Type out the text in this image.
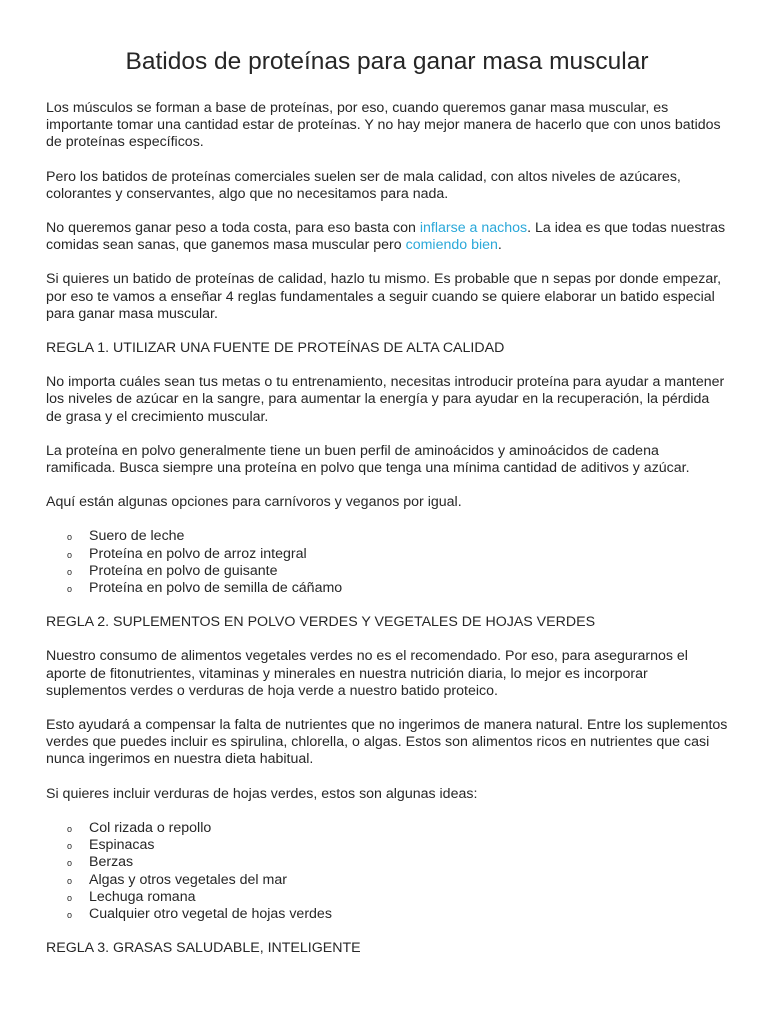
Batidos de proteínas para ganar masa muscular

Los músculos se forman a base de proteínas, por eso, cuando queremos ganar masa muscular, es importante tomar una cantidad estar de proteínas. Y no hay mejor manera de hacerlo que con unos batidos de proteínas específicos.

Pero los batidos de proteínas comerciales suelen ser de mala calidad, con altos niveles de azúcares, colorantes y conservantes, algo que no necesitamos para nada.

No queremos ganar peso a toda costa, para eso basta con inflarse a nachos. La idea es que todas nuestras comidas sean sanas, que ganemos masa muscular pero comiendo bien.

Si quieres un batido de proteínas de calidad, hazlo tu mismo. Es probable que n sepas por donde empezar, por eso te vamos a enseñar 4 reglas fundamentales a seguir cuando se quiere elaborar un batido especial para ganar masa muscular.

REGLA 1. UTILIZAR UNA FUENTE DE PROTEÍNAS DE ALTA CALIDAD

No importa cuáles sean tus metas o tu entrenamiento, necesitas introducir proteína para ayudar a mantener los niveles de azúcar en la sangre, para aumentar la energía y para ayudar en la recuperación, la pérdida de grasa y el crecimiento muscular.

La proteína en polvo generalmente tiene un buen perfil de aminoácidos y aminoácidos de cadena ramificada. Busca siempre una proteína en polvo que tenga una mínima cantidad de aditivos y azúcar.

Aquí están algunas opciones para carnívoros y veganos por igual.

o Suero de leche
o Proteína en polvo de arroz integral
o Proteína en polvo de guisante
o Proteína en polvo de semilla de cáñamo

REGLA 2. SUPLEMENTOS EN POLVO VERDES Y VEGETALES DE HOJAS VERDES

Nuestro consumo de alimentos vegetales verdes no es el recomendado. Por eso, para asegurarnos el aporte de fitonutrientes, vitaminas y minerales en nuestra nutrición diaria, lo mejor es incorporar suplementos verdes o verduras de hoja verde a nuestro batido proteico.

Esto ayudará a compensar la falta de nutrientes que no ingerimos de manera natural. Entre los suplementos verdes que puedes incluir es spirulina, chlorella, o algas. Estos son alimentos ricos en nutrientes que casi nunca ingerimos en nuestra dieta habitual.

Si quieres incluir verduras de hojas verdes, estos son algunas ideas:

o Col rizada o repollo
o Espinacas
o Berzas
o Algas y otros vegetales del mar
o Lechuga romana
o Cualquier otro vegetal de hojas verdes

REGLA 3. GRASAS SALUDABLE, INTELIGENTE
